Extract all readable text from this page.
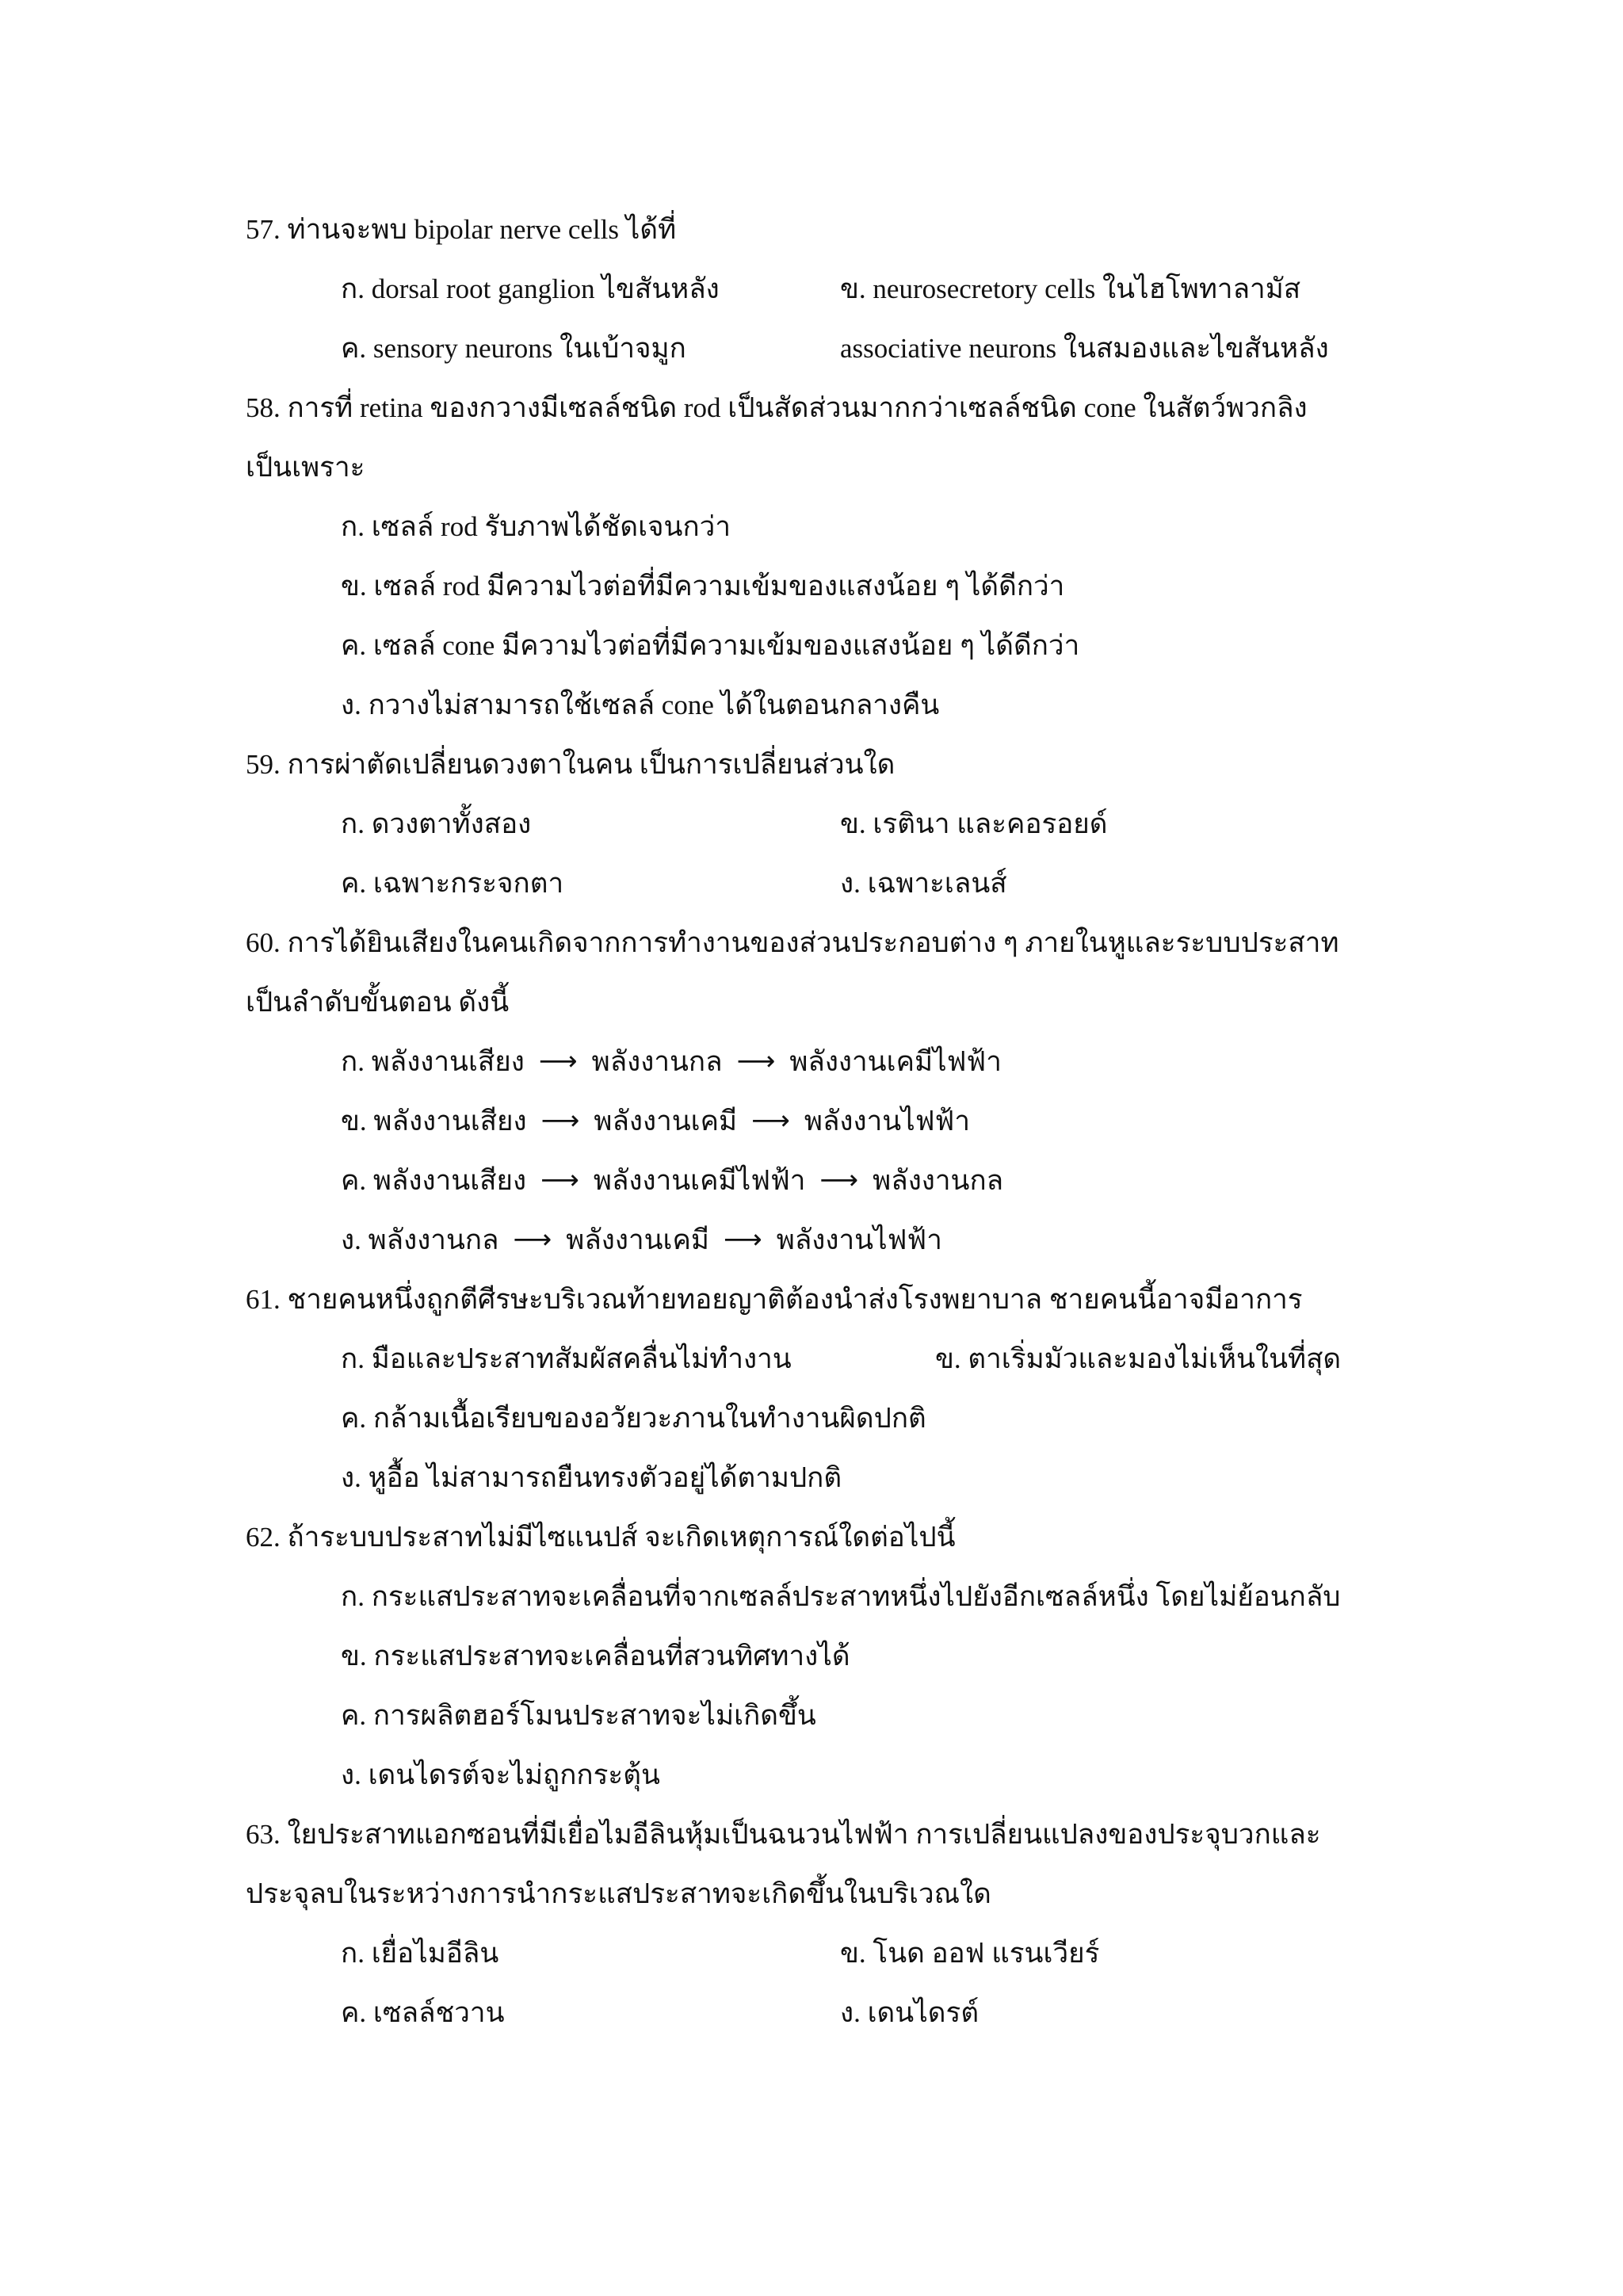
57. ท่านจะพบ bipolar nerve cells ได้ที่
ก. dorsal root ganglion ไขสันหลัง	ข. neurosecretory cells ในไฮโพทาลามัส
ค. sensory neurons ในเบ้าจมูก	associative neurons ในสมองและไขสันหลัง
58. การที่ retina ของกวางมีเซลล์ชนิด rod เป็นสัดส่วนมากกว่าเซลล์ชนิด cone ในสัตว์พวกลิง
เป็นเพราะ
ก. เซลล์ rod รับภาพได้ชัดเจนกว่า
ข. เซลล์ rod มีความไวต่อที่มีความเข้มของแสงน้อย ๆ ได้ดีกว่า
ค. เซลล์ cone มีความไวต่อที่มีความเข้มของแสงน้อย ๆ ได้ดีกว่า
ง. กวางไม่สามารถใช้เซลล์ cone ได้ในตอนกลางคืน
59. การผ่าตัดเปลี่ยนดวงตาในคน เป็นการเปลี่ยนส่วนใด
ก. ดวงตาทั้งสอง	ข. เรตินา และคอรอยด์
ค. เฉพาะกระจกตา	ง. เฉพาะเลนส์
60. การได้ยินเสียงในคนเกิดจากการทำงานของส่วนประกอบต่าง ๆ ภายในหูและระบบประสาท
เป็นลำดับขั้นตอน ดังนี้
ก. พลังงานเสียง ⟶ พลังงานกล ⟶ พลังงานเคมีไฟฟ้า
ข. พลังงานเสียง ⟶ พลังงานเคมี ⟶ พลังงานไฟฟ้า
ค. พลังงานเสียง ⟶ พลังงานเคมีไฟฟ้า ⟶ พลังงานกล
ง. พลังงานกล ⟶ พลังงานเคมี ⟶ พลังงานไฟฟ้า
61. ชายคนหนึ่งถูกตีศีรษะบริเวณท้ายทอยญาติต้องนำส่งโรงพยาบาล ชายคนนี้อาจมีอาการ
ก. มือและประสาทสัมผัสคลื่นไม่ทำงาน	ข. ตาเริ่มมัวและมองไม่เห็นในที่สุด
ค. กล้ามเนื้อเรียบของอวัยวะภานในทำงานผิดปกติ
ง. หูอื้อ ไม่สามารถยืนทรงตัวอยู่ได้ตามปกติ
62. ถ้าระบบประสาทไม่มีไซแนปส์ จะเกิดเหตุการณ์ใดต่อไปนี้
ก. กระแสประสาทจะเคลื่อนที่จากเซลล์ประสาทหนึ่งไปยังอีกเซลล์หนึ่ง โดยไม่ย้อนกลับ
ข. กระแสประสาทจะเคลื่อนที่สวนทิศทางได้
ค. การผลิตฮอร์โมนประสาทจะไม่เกิดขึ้น
ง. เดนไดรต์จะไม่ถูกกระตุ้น
63. ใยประสาทแอกซอนที่มีเยื่อไมอีลินหุ้มเป็นฉนวนไฟฟ้า การเปลี่ยนแปลงของประจุบวกและ
ประจุลบในระหว่างการนำกระแสประสาทจะเกิดขึ้นในบริเวณใด
ก. เยื่อไมอีลิน	ข. โนด ออฟ แรนเวียร์
ค. เซลล์ชวาน	ง. เดนไดรต์
